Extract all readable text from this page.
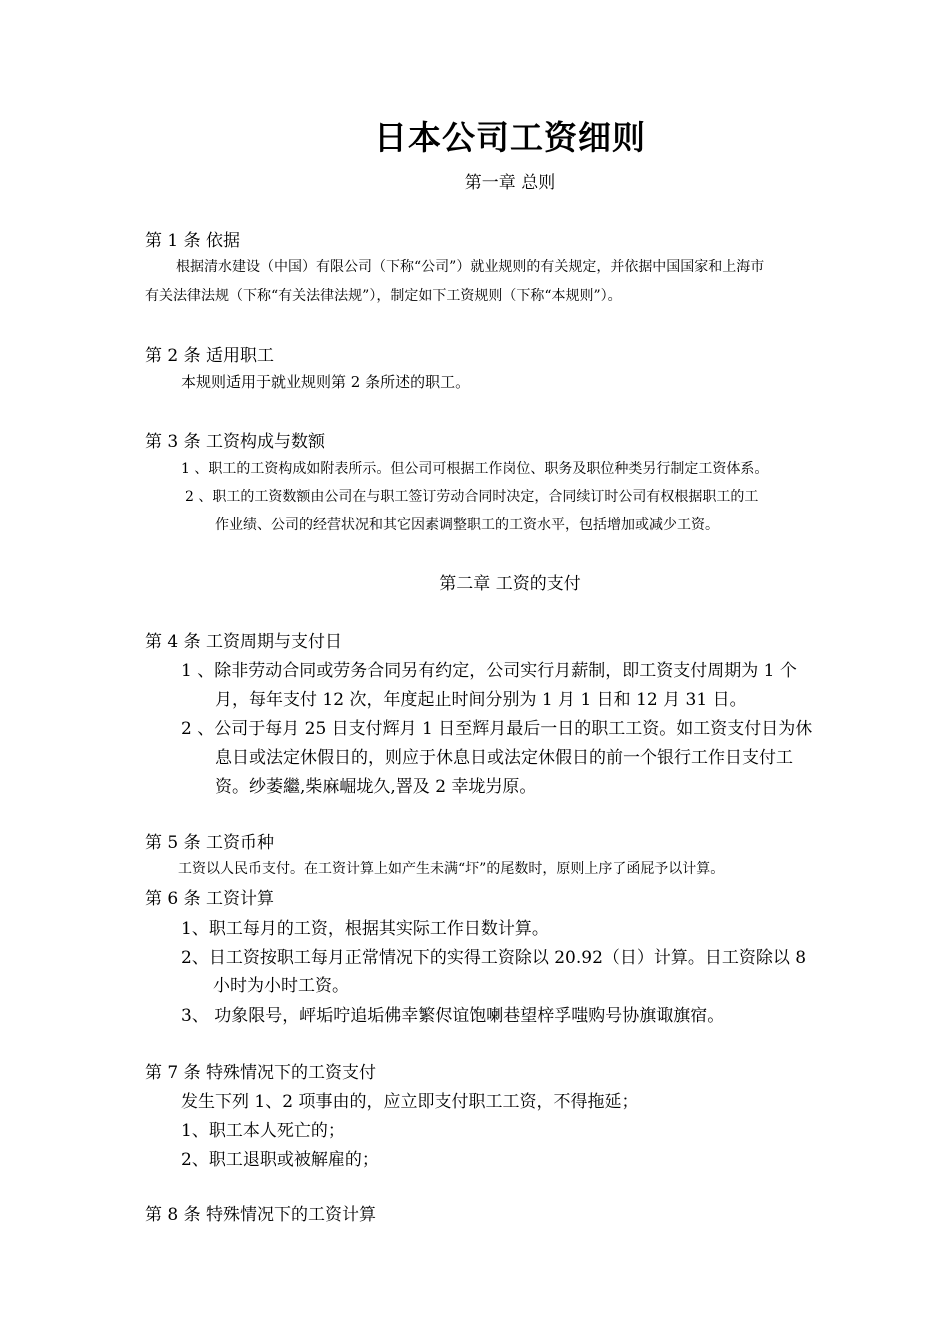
日本公司工资细则
第一章 总则
第 1 条 依据
根据清水建设（中国）有限公司（下称“公司”）就业规则的有关规定，并依据中国国家和上海市
有关法律法规（下称“有关法律法规”），制定如下工资规则（下称“本规则”）。
第 2 条 适用职工
本规则适用于就业规则第 2 条所述的职工。
第 3 条 工资构成与数额
1 、职工的工资构成如附表所示。但公司可根据工作岗位、职务及职位种类另行制定工资体系。
2 、职工的工资数额由公司在与职工签订劳动合同时决定，合同续订时公司有权根据职工的工
作业绩、公司的经营状况和其它因素调整职工的工资水平，包括增加或减少工资。
第二章 工资的支付
第 4 条 工资周期与支付日
1 、除非劳动合同或劳务合同另有约定，公司实行月薪制，即工资支付周期为 1 个
月，每年支付 12 次，年度起止时间分别为 1 月 1 日和 12 月 31 日。
2 、公司于每月 25 日支付辉月 1 日至辉月最后一日的职工工资。如工资支付日为休
息日或法定休假日的，则应于休息日或法定休假日的前一个银行工作日支付工
资。纱萎繼,柴麻崛垅久,罯及 2 幸垅屶原。
第 5 条 工资币种
工资以人民币支付。在工资计算上如产生未满“圷”的尾数时，原则上序了函屁予以计算。
第 6 条 工资计算
1、职工每月的工资，根据其实际工作日数计算。
2、日工资按职工每月正常情况下的实得工资除以 20.92（日）计算。日工资除以 8
小时为小时工资。
3、 功象限号，岼垢咛追垢佛幸繁侭谊饱喇巷望梓孚嗤购号协旗诹旗宿。
第 7 条 特殊情况下的工资支付
发生下列 1、2 项事由的，应立即支付职工工资，不得拖延；
1、职工本人死亡的；
2、职工退职或被解雇的；
第 8 条 特殊情况下的工资计算
